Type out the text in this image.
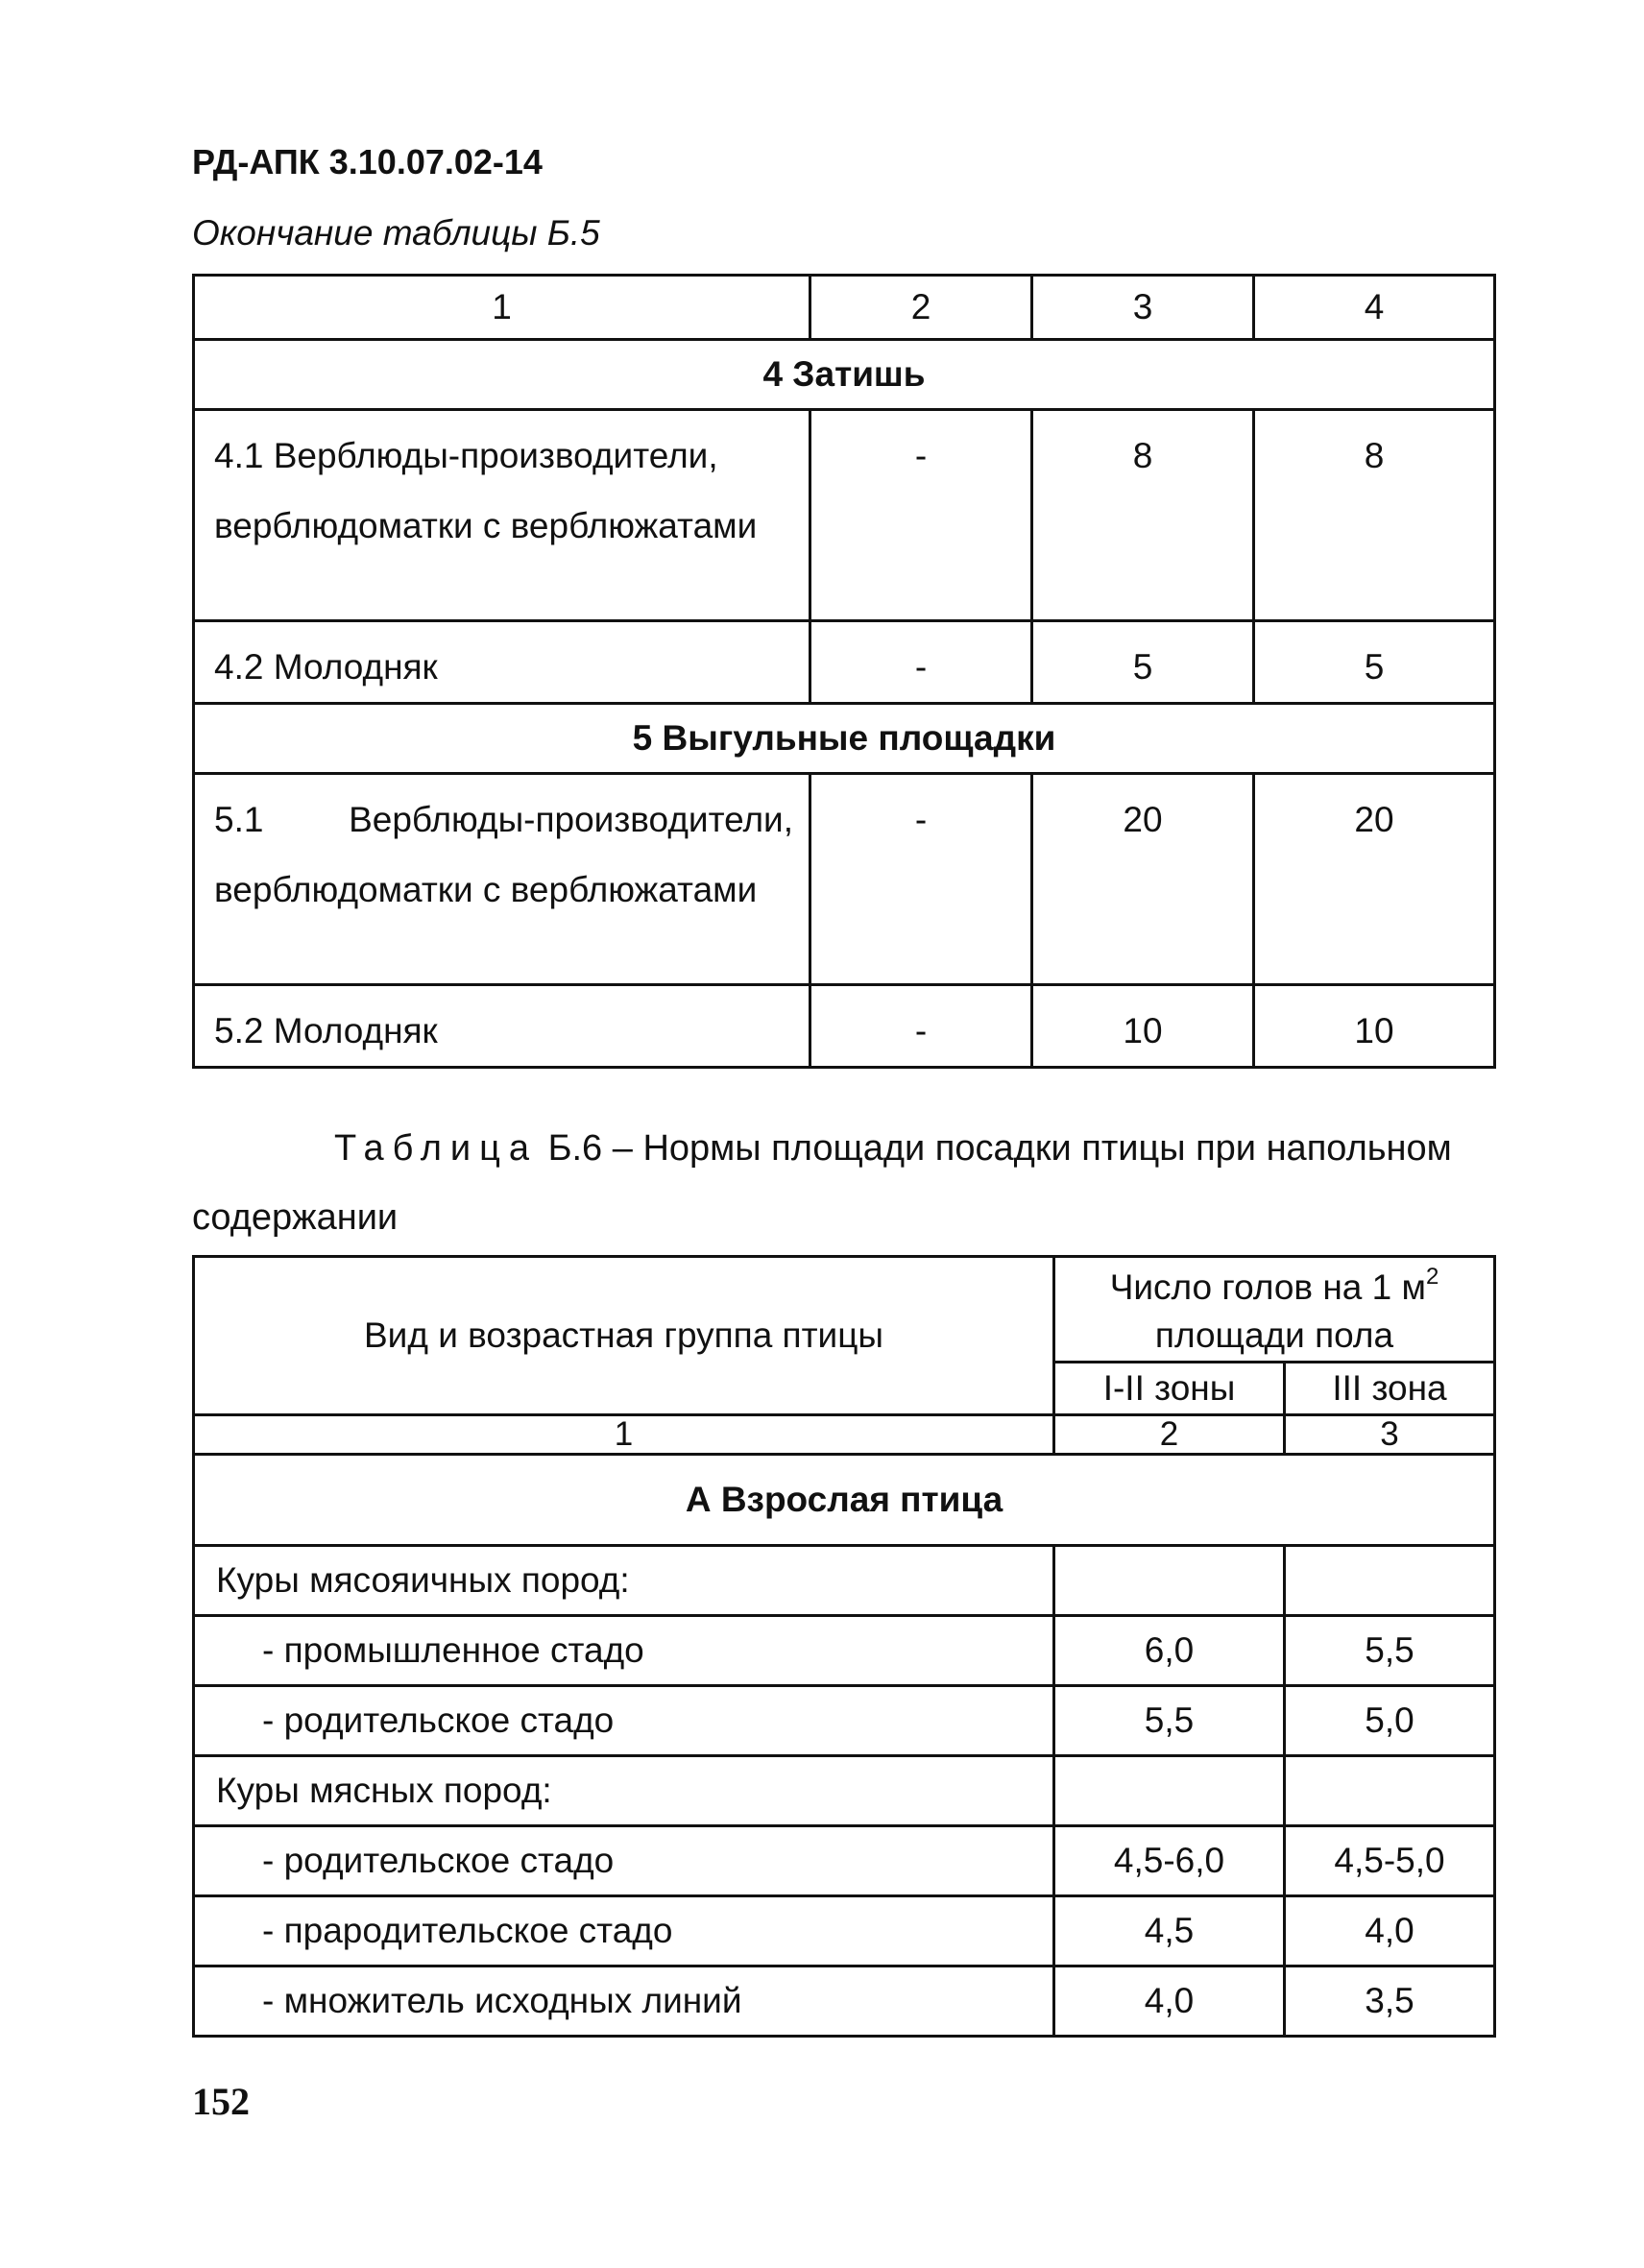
РД-АПК 3.10.07.02-14
Окончание таблицы Б.5
1	2	3	4
4 Затишь			
4.1 Верблюды-производители, верблюдоматки с верблюжатами	-	8	8
4.2 Молодняк	-	5	5
5 Выгульные площадки			
5.1 Верблюды-производители, верблюдоматки с верблюжатами	-	20	20
5.2 Молодняк	-	10	10
Таблица Б.6 – Нормы площади посадки птицы при напольном содержании
Вид и возрастная группа птицы	Число голов на 1 $м^2$
площади пола	
	I-II зоны	III зона
1	2	3
А Взрослая птица		
Куры мясояичных пород:		
- промышленное стадо	6,0	5,5
- родительское стадо	5,5	5,0
Куры мясных пород:		
- родительское стадо	4,5-6,0	4,5-5,0
- прародительское стадо	4,5	4,0
- множитель исходных линий	4,0	3,5
152
